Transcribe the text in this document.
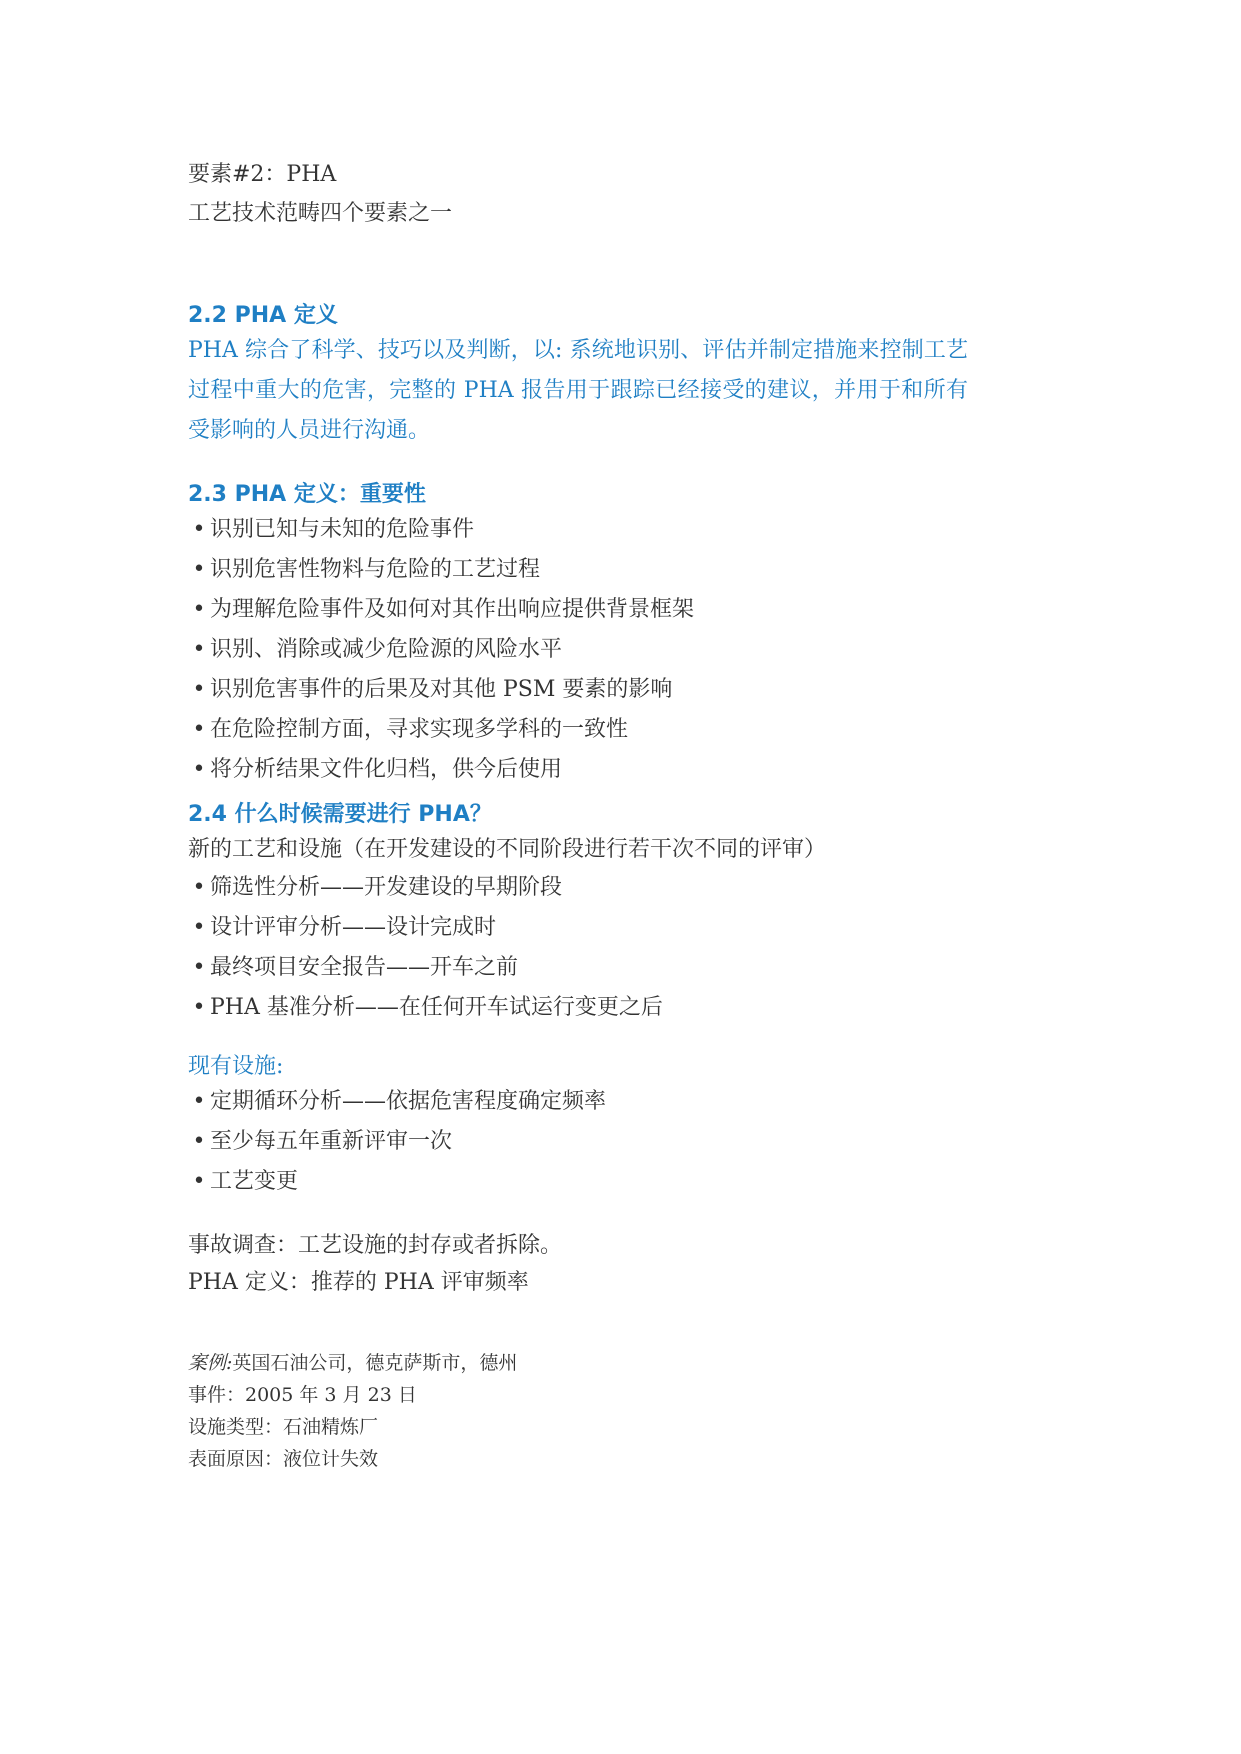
要素#2：PHA
工艺技术范畴四个要素之一
2.2 PHA 定义
PHA 综合了科学、技巧以及判断，以: 系统地识别、评估并制定措施来控制工艺过程中重大的危害，完整的 PHA 报告用于跟踪已经接受的建议，并用于和所有受影响的人员进行沟通。
2.3 PHA 定义：重要性
• 识别已知与未知的危险事件
• 识别危害性物料与危险的工艺过程
• 为理解危险事件及如何对其作出响应提供背景框架
• 识别、消除或减少危险源的风险水平
• 识别危害事件的后果及对其他 PSM 要素的影响
• 在危险控制方面，寻求实现多学科的一致性
• 将分析结果文件化归档，供今后使用
2.4 什么时候需要进行 PHA？
新的工艺和设施（在开发建设的不同阶段进行若干次不同的评审）
• 筛选性分析——开发建设的早期阶段
• 设计评审分析——设计完成时
• 最终项目安全报告——开车之前
• PHA 基准分析——在任何开车试运行变更之后
现有设施:
• 定期循环分析——依据危害程度确定频率
• 至少每五年重新评审一次
• 工艺变更
事故调查：工艺设施的封存或者拆除。
PHA 定义：推荐的 PHA 评审频率
案例:英国石油公司，德克萨斯市，德州
事件：2005 年 3 月 23 日
设施类型：石油精炼厂
表面原因：液位计失效
